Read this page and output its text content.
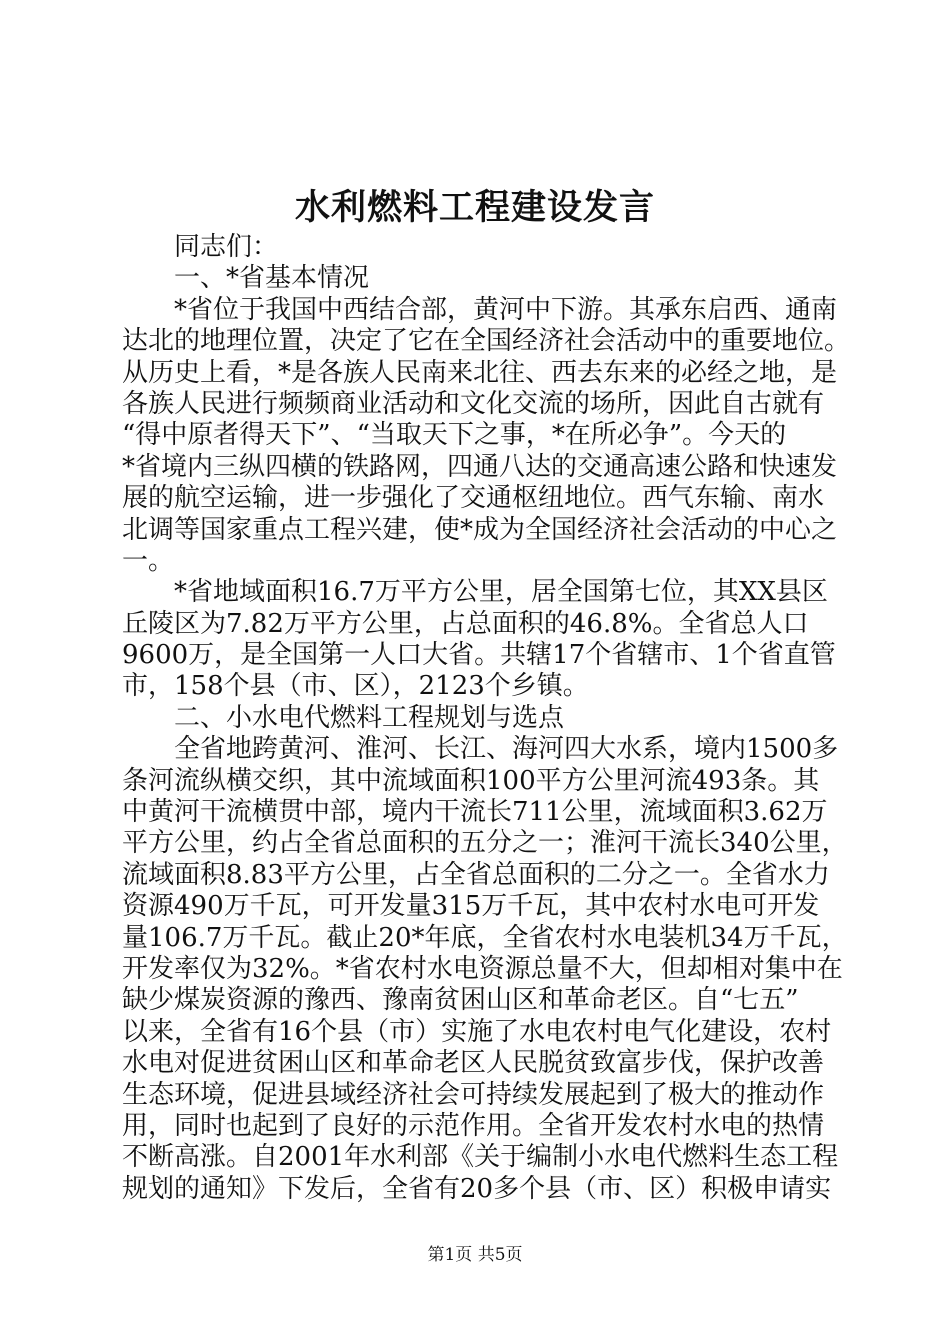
水利燃料工程建设发言
同志们：
一、*省基本情况
*省位于我国中西结合部，黄河中下游。其承东启西、通南
达北的地理位置，决定了它在全国经济社会活动中的重要地位。
从历史上看，*是各族人民南来北往、西去东来的必经之地，是
各族人民进行频频商业活动和文化交流的场所，因此自古就有
“得中原者得天下”、“当取天下之事，*在所必争”。今天的
*省境内三纵四横的铁路网，四通八达的交通高速公路和快速发
展的航空运输，进一步强化了交通枢纽地位。西气东输、南水
北调等国家重点工程兴建，使*成为全国经济社会活动的中心之
一。
*省地域面积16.7万平方公里，居全国第七位，其XX县区
丘陵区为7.82万平方公里，占总面积的46.8%。全省总人口
9600万，是全国第一人口大省。共辖17个省辖市、1个省直管
市，158个县（市、区），2123个乡镇。
二、小水电代燃料工程规划与选点
全省地跨黄河、淮河、长江、海河四大水系，境内1500多
条河流纵横交织，其中流域面积100平方公里河流493条。其
中黄河干流横贯中部，境内干流长711公里，流域面积3.62万
平方公里，约占全省总面积的五分之一；淮河干流长340公里，
流域面积8.83平方公里，占全省总面积的二分之一。全省水力
资源490万千瓦，可开发量315万千瓦，其中农村水电可开发
量106.7万千瓦。截止20*年底，全省农村水电装机34万千瓦，
开发率仅为32%。*省农村水电资源总量不大，但却相对集中在
缺少煤炭资源的豫西、豫南贫困山区和革命老区。自“七五”
以来，全省有16个县（市）实施了水电农村电气化建设，农村
水电对促进贫困山区和革命老区人民脱贫致富步伐，保护改善
生态环境，促进县域经济社会可持续发展起到了极大的推动作
用，同时也起到了良好的示范作用。全省开发农村水电的热情
不断高涨。自2001年水利部《关于编制小水电代燃料生态工程
规划的通知》下发后，全省有20多个县（市、区）积极申请实
第1页 共5页
